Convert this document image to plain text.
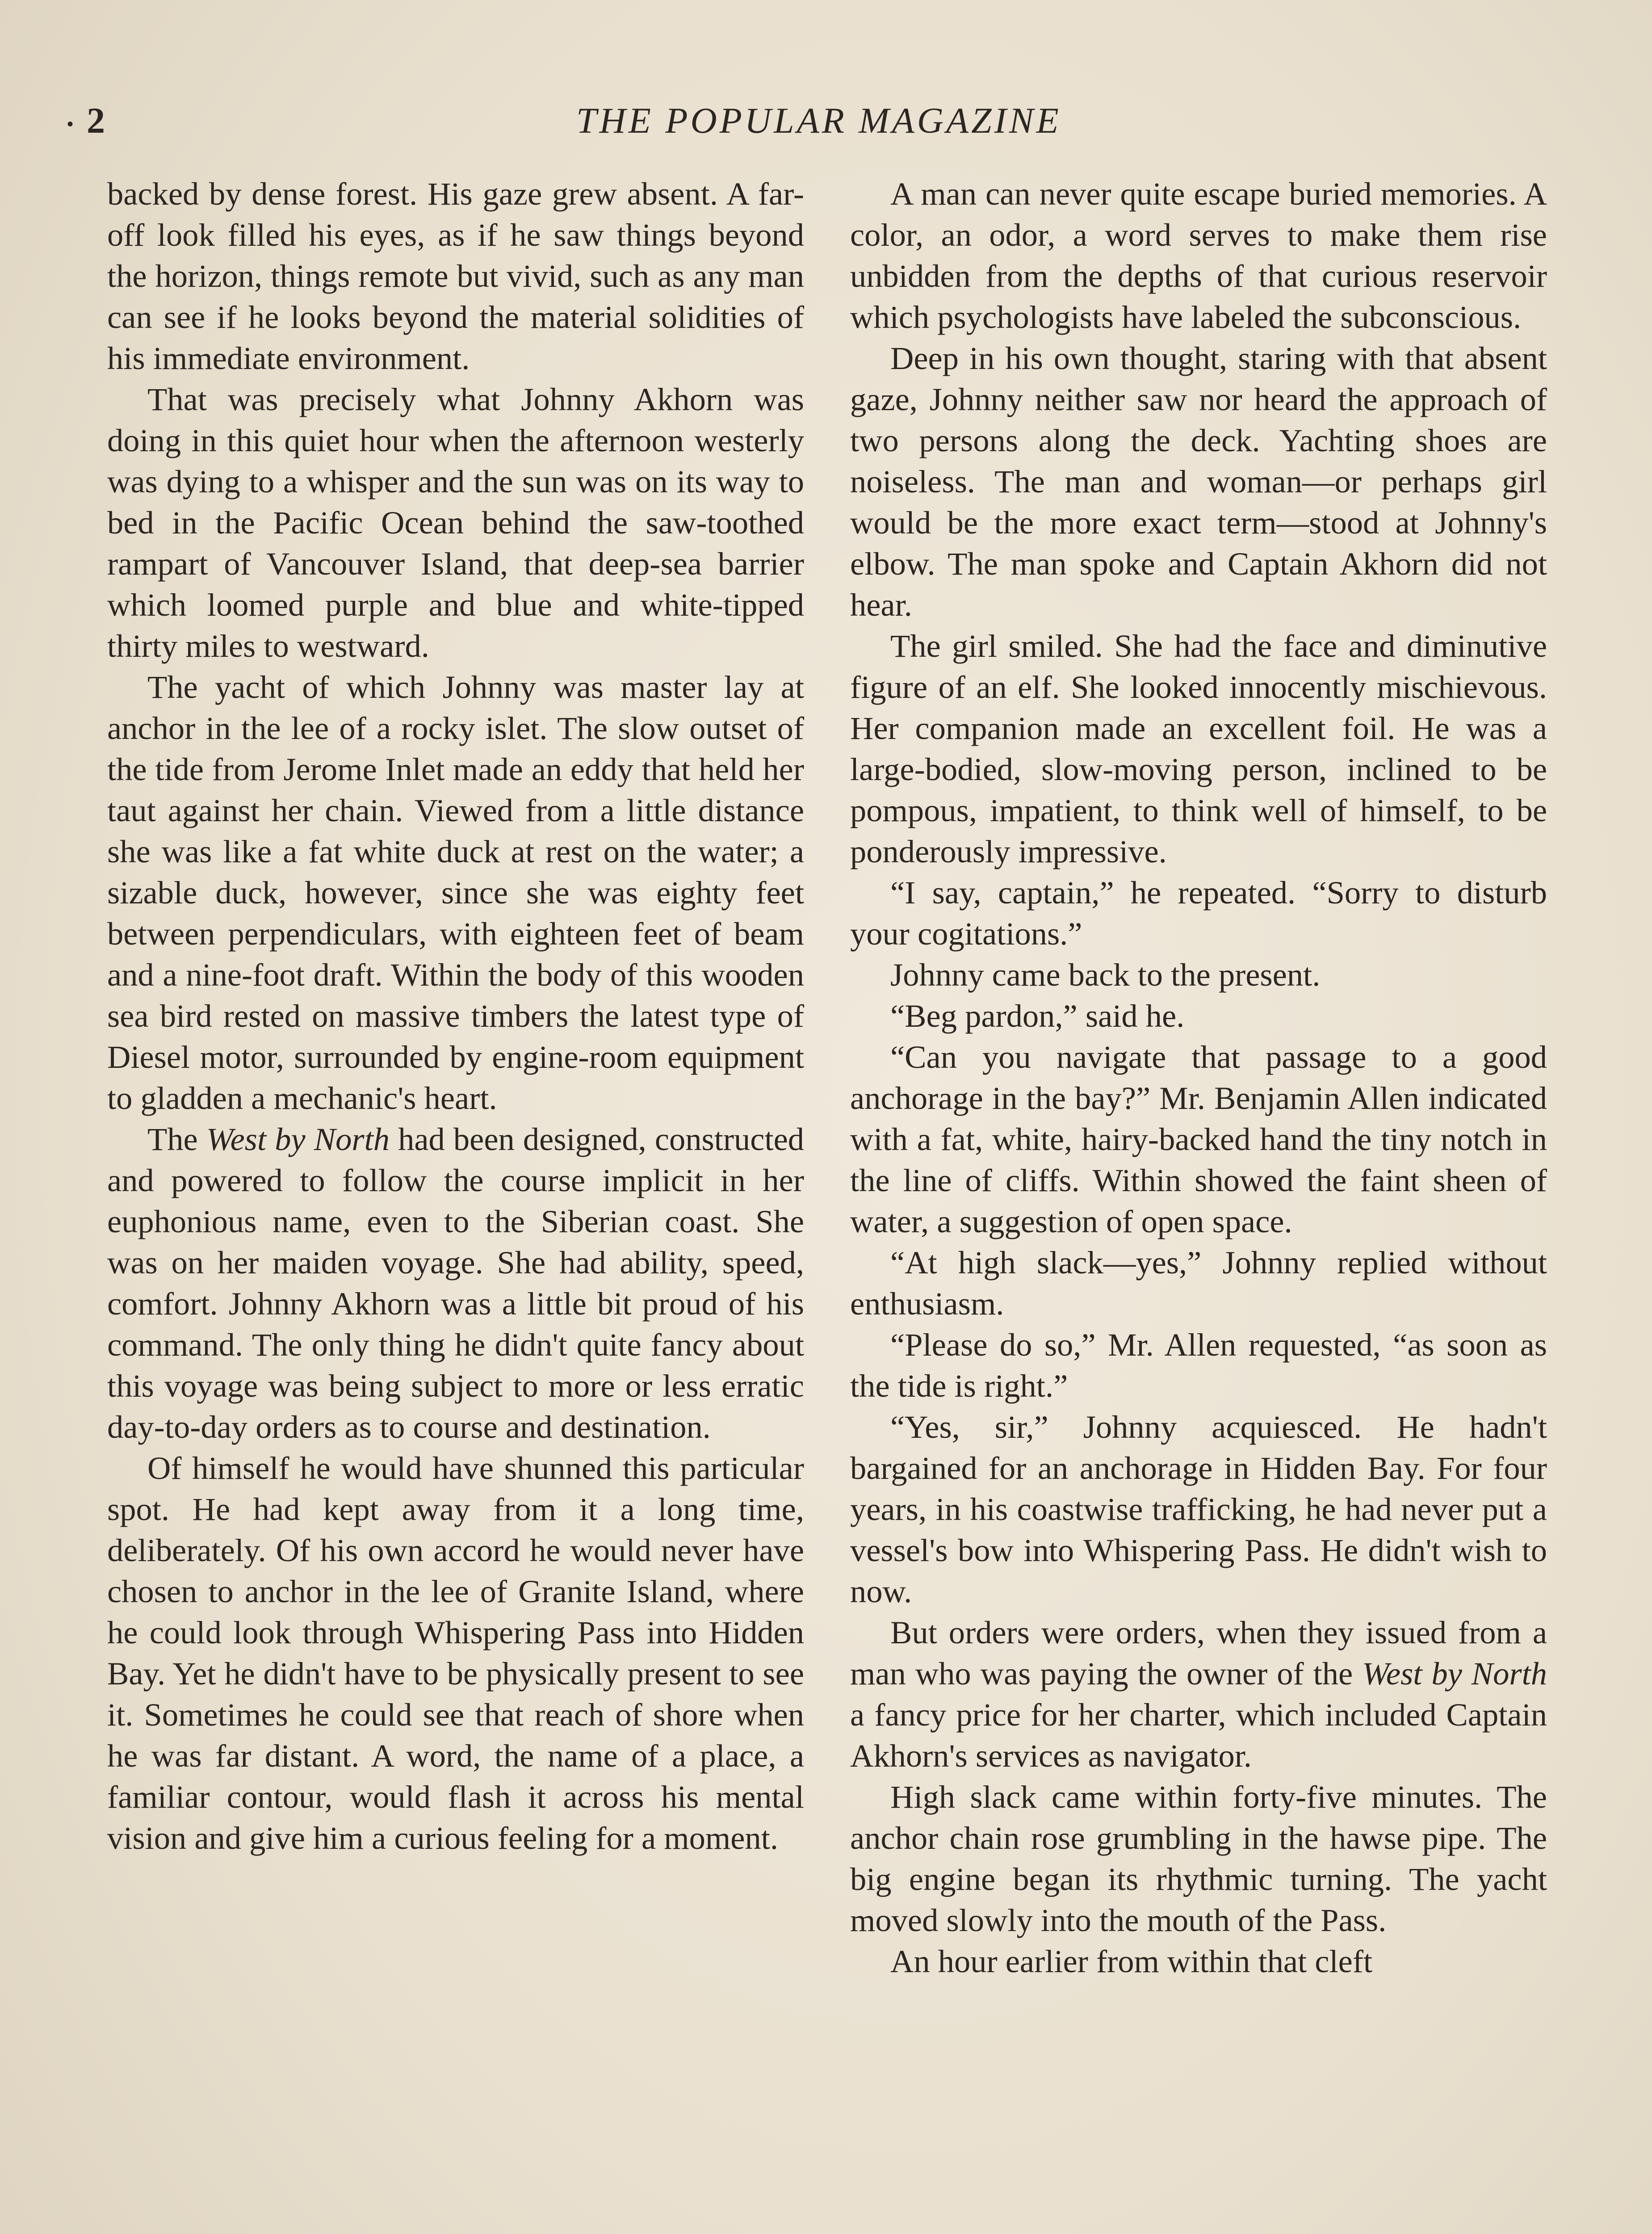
• 2	THE POPULAR MAGAZINE

backed by dense forest. His gaze grew absent. A far-off look filled his eyes, as if he saw things beyond the horizon, things remote but vivid, such as any man can see if he looks beyond the material solidities of his immediate environment.

That was precisely what Johnny Akhorn was doing in this quiet hour when the afternoon westerly was dying to a whisper and the sun was on its way to bed in the Pacific Ocean behind the saw-toothed rampart of Vancouver Island, that deep-sea barrier which loomed purple and blue and white-tipped thirty miles to westward.

The yacht of which Johnny was master lay at anchor in the lee of a rocky islet. The slow outset of the tide from Jerome Inlet made an eddy that held her taut against her chain. Viewed from a little distance she was like a fat white duck at rest on the water; a sizable duck, however, since she was eighty feet between perpendiculars, with eighteen feet of beam and a nine-foot draft. Within the body of this wooden sea bird rested on massive timbers the latest type of Diesel motor, surrounded by engine-room equipment to gladden a mechanic's heart.

The West by North had been designed, constructed and powered to follow the course implicit in her euphonious name, even to the Siberian coast. She was on her maiden voyage. She had ability, speed, comfort. Johnny Akhorn was a little bit proud of his command. The only thing he didn't quite fancy about this voyage was being subject to more or less erratic day-to-day orders as to course and destination.

Of himself he would have shunned this particular spot. He had kept away from it a long time, deliberately. Of his own accord he would never have chosen to anchor in the lee of Granite Island, where he could look through Whispering Pass into Hidden Bay. Yet he didn't have to be physically present to see it. Sometimes he could see that reach of shore when he was far distant. A word, the name of a place, a familiar contour, would flash it across his mental vision and give him a curious feeling for a moment.

A man can never quite escape buried memories. A color, an odor, a word serves to make them rise unbidden from the depths of that curious reservoir which psychologists have labeled the subconscious.

Deep in his own thought, staring with that absent gaze, Johnny neither saw nor heard the approach of two persons along the deck. Yachting shoes are noiseless. The man and woman—or perhaps girl would be the more exact term—stood at Johnny's elbow. The man spoke and Captain Akhorn did not hear.

The girl smiled. She had the face and diminutive figure of an elf. She looked innocently mischievous. Her companion made an excellent foil. He was a large-bodied, slow-moving person, inclined to be pompous, impatient, to think well of himself, to be ponderously impressive.

“I say, captain,” he repeated. “Sorry to disturb your cogitations.”

Johnny came back to the present.

“Beg pardon,” said he.

“Can you navigate that passage to a good anchorage in the bay?” Mr. Benjamin Allen indicated with a fat, white, hairy-backed hand the tiny notch in the line of cliffs. Within showed the faint sheen of water, a suggestion of open space.

“At high slack—yes,” Johnny replied without enthusiasm.

“Please do so,” Mr. Allen requested, “as soon as the tide is right.”

“Yes, sir,” Johnny acquiesced. He hadn't bargained for an anchorage in Hidden Bay. For four years, in his coastwise trafficking, he had never put a vessel's bow into Whispering Pass. He didn't wish to now.

But orders were orders, when they issued from a man who was paying the owner of the West by North a fancy price for her charter, which included Captain Akhorn's services as navigator.

High slack came within forty-five minutes. The anchor chain rose grumbling in the hawse pipe. The big engine began its rhythmic turning. The yacht moved slowly into the mouth of the Pass.

An hour earlier from within that cleft
